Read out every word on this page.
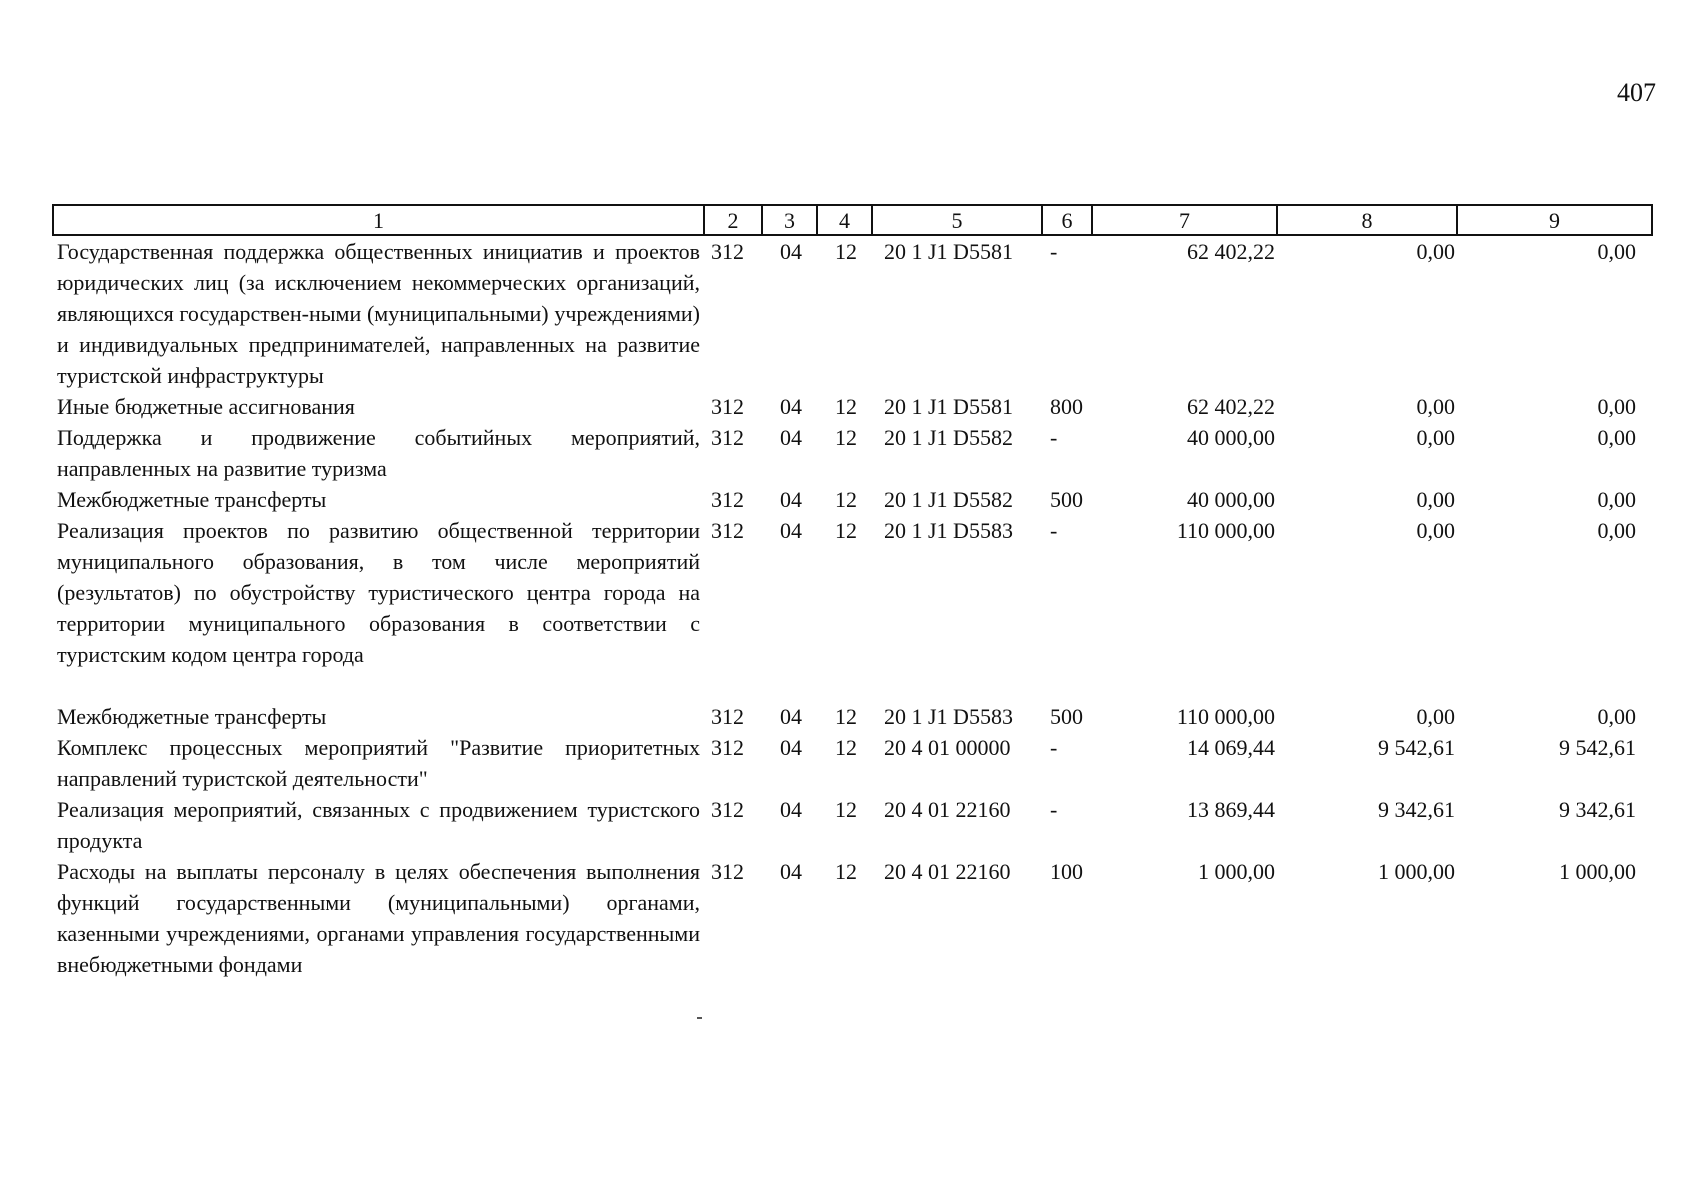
407
1	2	3	4	5	6	7	8	9
Государственная поддержка общественных инициатив и проектов юридических лиц (за исключением некоммерческих организаций, являющихся государствен-ными (муниципальными) учреждениями) и индивидуальных предпринимателей, направленных на развитие туристской инфраструктуры	312	04	12	20 1 J1 D5581	-	62 402,22	0,00	0,00
Иные бюджетные ассигнования	312	04	12	20 1 J1 D5581	800	62 402,22	0,00	0,00
Поддержка и продвижение событийных мероприятий, направленных на развитие туризма	312	04	12	20 1 J1 D5582	-	40 000,00	0,00	0,00
Межбюджетные трансферты	312	04	12	20 1 J1 D5582	500	40 000,00	0,00	0,00
Реализация проектов по развитию общественной территории муниципального образования, в том числе мероприятий (результатов) по обустройству туристического центра города на территории муниципального образования в соответствии с туристским кодом центра города	312	04	12	20 1 J1 D5583	-	110 000,00	0,00	0,00
Межбюджетные трансферты	312	04	12	20 1 J1 D5583	500	110 000,00	0,00	0,00
Комплекс процессных мероприятий "Развитие приоритетных направлений туристской деятельности"	312	04	12	20 4 01 00000	-	14 069,44	9 542,61	9 542,61
Реализация мероприятий, связанных с продвижением туристского продукта	312	04	12	20 4 01 22160	-	13 869,44	9 342,61	9 342,61
Расходы на выплаты персоналу в целях обеспечения выполнения функций государственными (муниципальными) органами, казенными учреждениями, органами управления государственными внебюджетными фондами	312	04	12	20 4 01 22160	100	1 000,00	1 000,00	1 000,00
